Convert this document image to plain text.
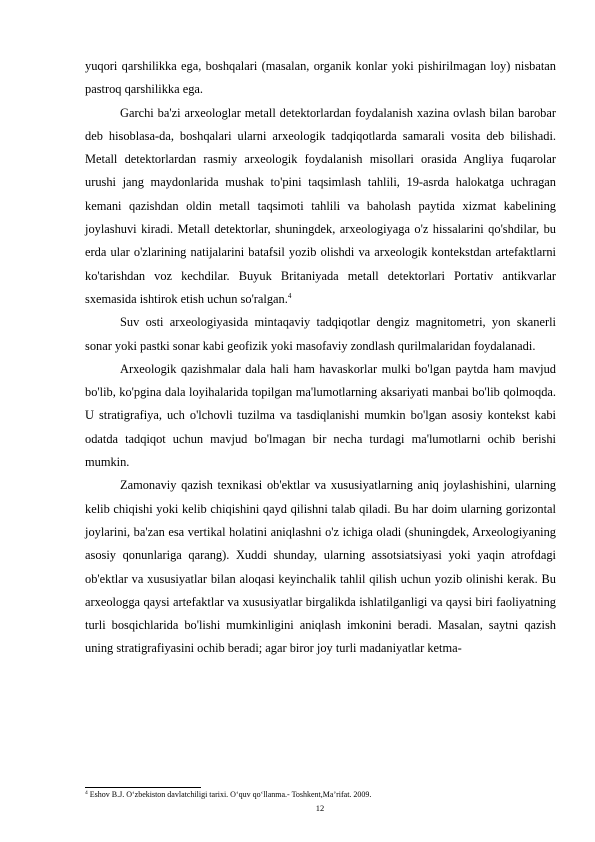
yuqori qarshilikka ega, boshqalari (masalan, organik konlar yoki pishirilmagan loy) nisbatan pastroq qarshilikka ega.

Garchi ba'zi arxeologlar metall detektorlardan foydalanish xazina ovlash bilan barobar deb hisoblasa-da, boshqalari ularni arxeologik tadqiqotlarda samarali vosita deb bilishadi. Metall detektorlardan rasmiy arxeologik foydalanish misollari orasida Angliya fuqarolar urushi jang maydonlarida mushak to'pini taqsimlash tahlili, 19-asrda halokatga uchragan kemani qazishdan oldin metall taqsimoti tahlili va baholash paytida xizmat kabelining joylashuvi kiradi. Metall detektorlar, shuningdek, arxeologiyaga o'z hissalarini qo'shdilar, bu erda ular o'zlarining natijalarini batafsil yozib olishdi va arxeologik kontekstdan artefaktlarni ko'tarishdan voz kechdilar. Buyuk Britaniyada metall detektorlari Portativ antikvarlar sxemasida ishtirok etish uchun so'ralgan.$^4$

Suv osti arxeologiyasida mintaqaviy tadqiqotlar dengiz magnitometri, yon skanerli sonar yoki pastki sonar kabi geofizik yoki masofaviy zondlash qurilmalaridan foydalanadi.

Arxeologik qazishmalar dala hali ham havaskorlar mulki bo'lgan paytda ham mavjud bo'lib, ko'pgina dala loyihalarida topilgan ma'lumotlarning aksariyati manbai bo'lib qolmoqda. U stratigrafiya, uch o'lchovli tuzilma va tasdiqlanishi mumkin bo'lgan asosiy kontekst kabi odatda tadqiqot uchun mavjud bo'lmagan bir necha turdagi ma'lumotlarni ochib berishi mumkin.

Zamonaviy qazish texnikasi ob'ektlar va xususiyatlarning aniq joylashishini, ularning kelib chiqishi yoki kelib chiqishini qayd qilishni talab qiladi. Bu har doim ularning gorizontal joylarini, ba'zan esa vertikal holatini aniqlashni o'z ichiga oladi (shuningdek, Arxeologiyaning asosiy qonunlariga qarang). Xuddi shunday, ularning assotsiatsiyasi yoki yaqin atrofdagi ob'ektlar va xususiyatlar bilan aloqasi keyinchalik tahlil qilish uchun yozib olinishi kerak. Bu arxeologga qaysi artefaktlar va xususiyatlar birgalikda ishlatilganligi va qaysi biri faoliyatning turli bosqichlarida bo'lishi mumkinligini aniqlash imkonini beradi. Masalan, saytni qazish uning stratigrafiyasini ochib beradi; agar biror joy turli madaniyatlar ketma-

$^4$ Eshov B.J. O‘zbekiston davlatchiligi tarixi. O‘quv qo‘llanma.- Toshkent,Ma’rifat. 2009.
12
